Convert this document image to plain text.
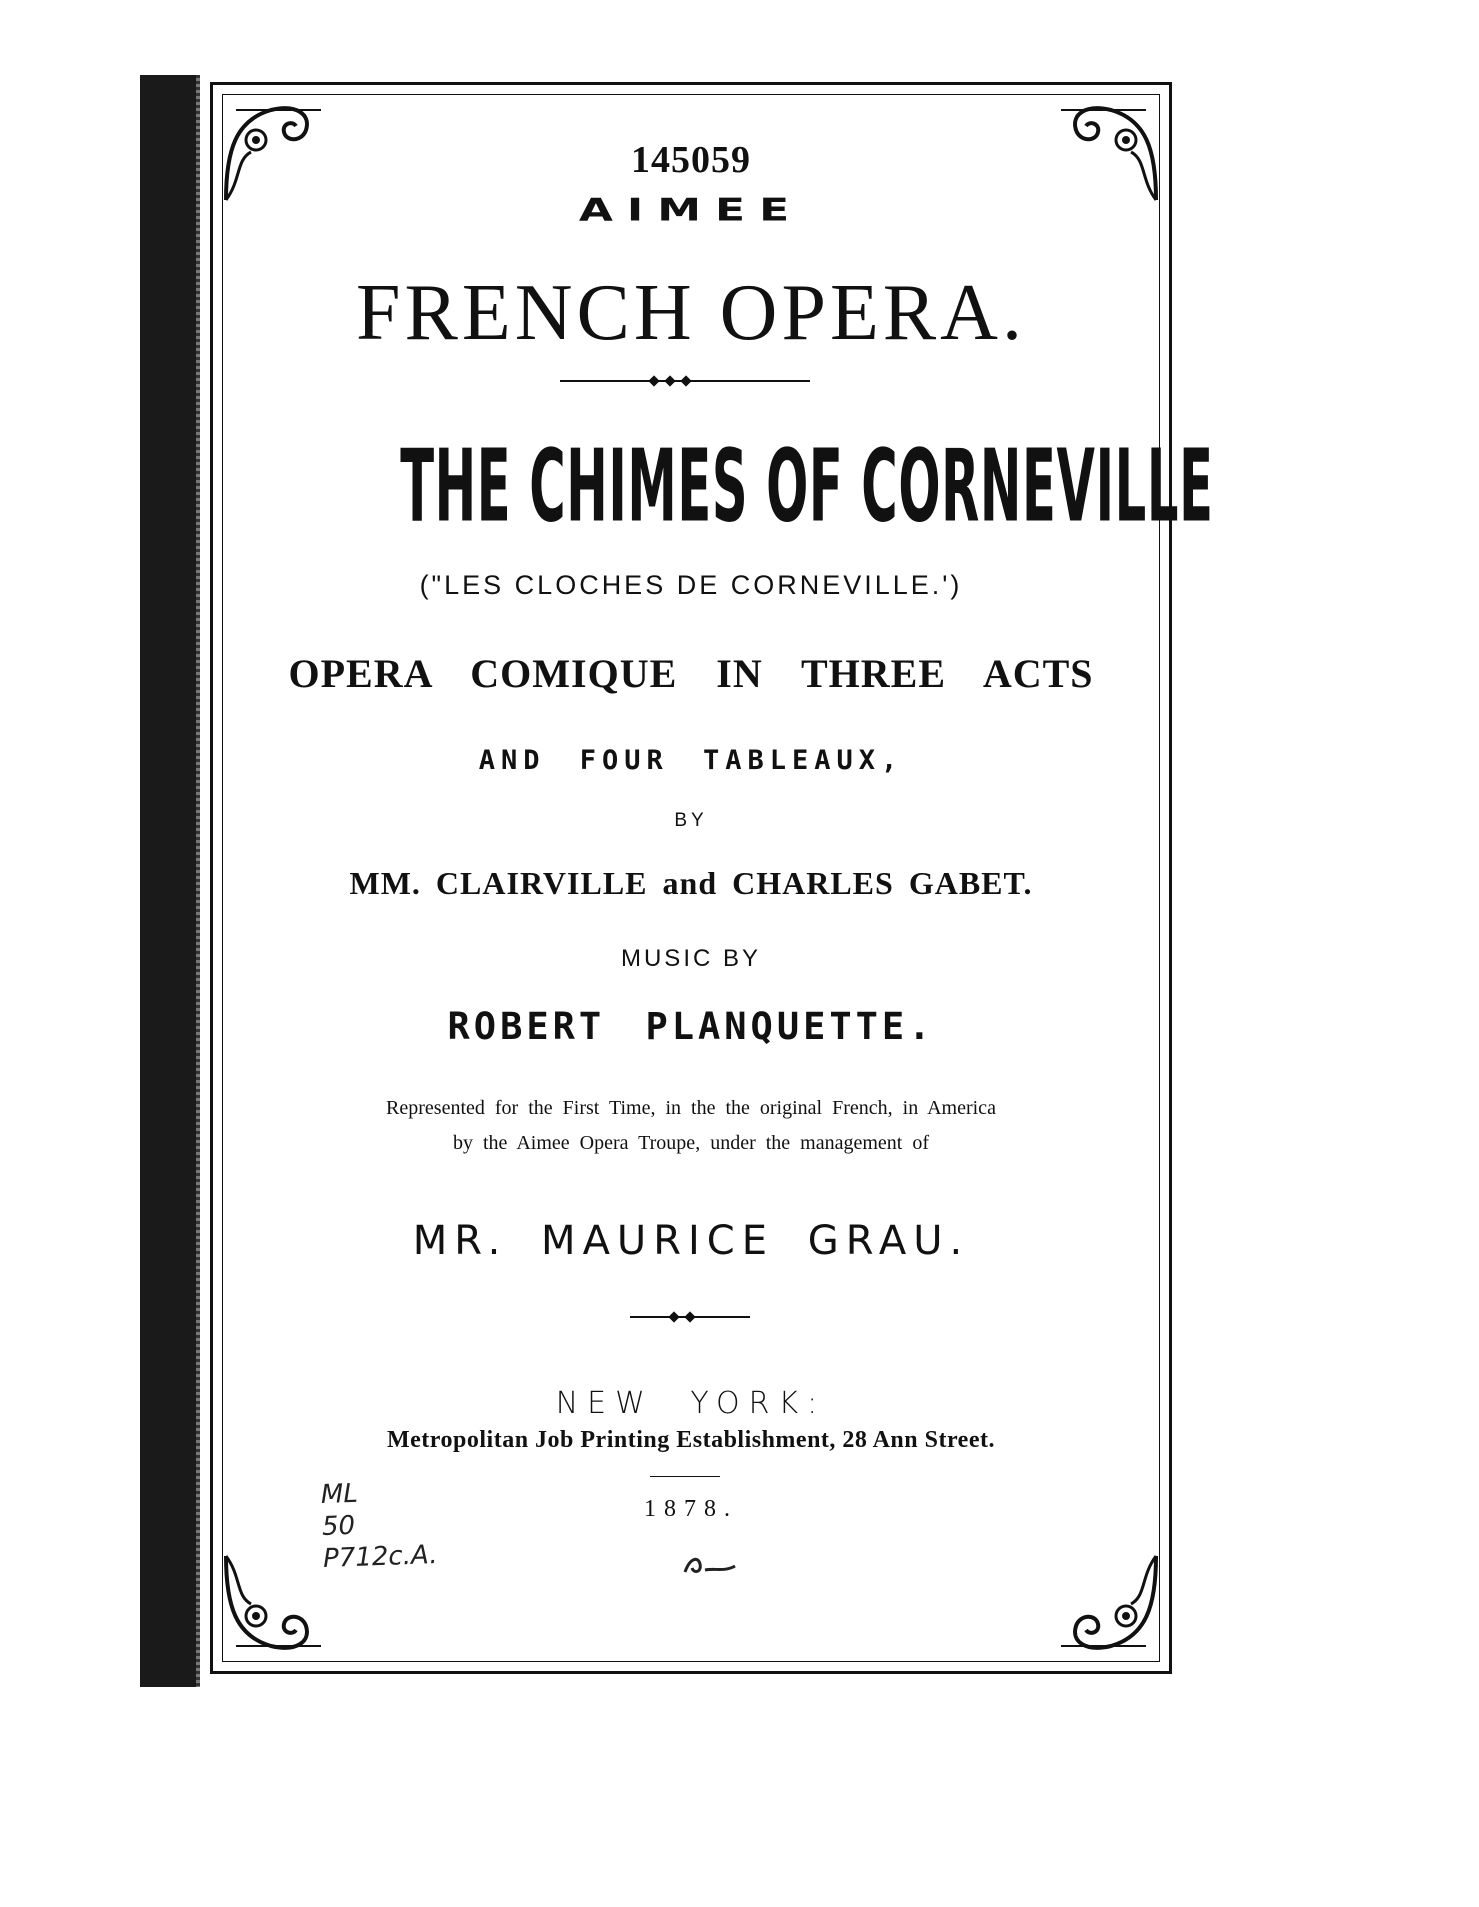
145059
AIMEE
FRENCH OPERA.
THE CHIMES OF CORNEVILLE
("LES CLOCHES DE CORNEVILLE.')
OPERA COMIQUE IN THREE ACTS
AND FOUR TABLEAUX,
BY
MM. CLAIRVILLE and CHARLES GABET.
MUSIC BY
ROBERT PLANQUETTE.
Represented for the First Time, in the the original French, in America
by the Aimee Opera Troupe, under the management of
MR. MAURICE GRAU.
NEW YORK:
Metropolitan Job Printing Establishment, 28 Ann Street.
1878.
ML
50
P712c.A.
